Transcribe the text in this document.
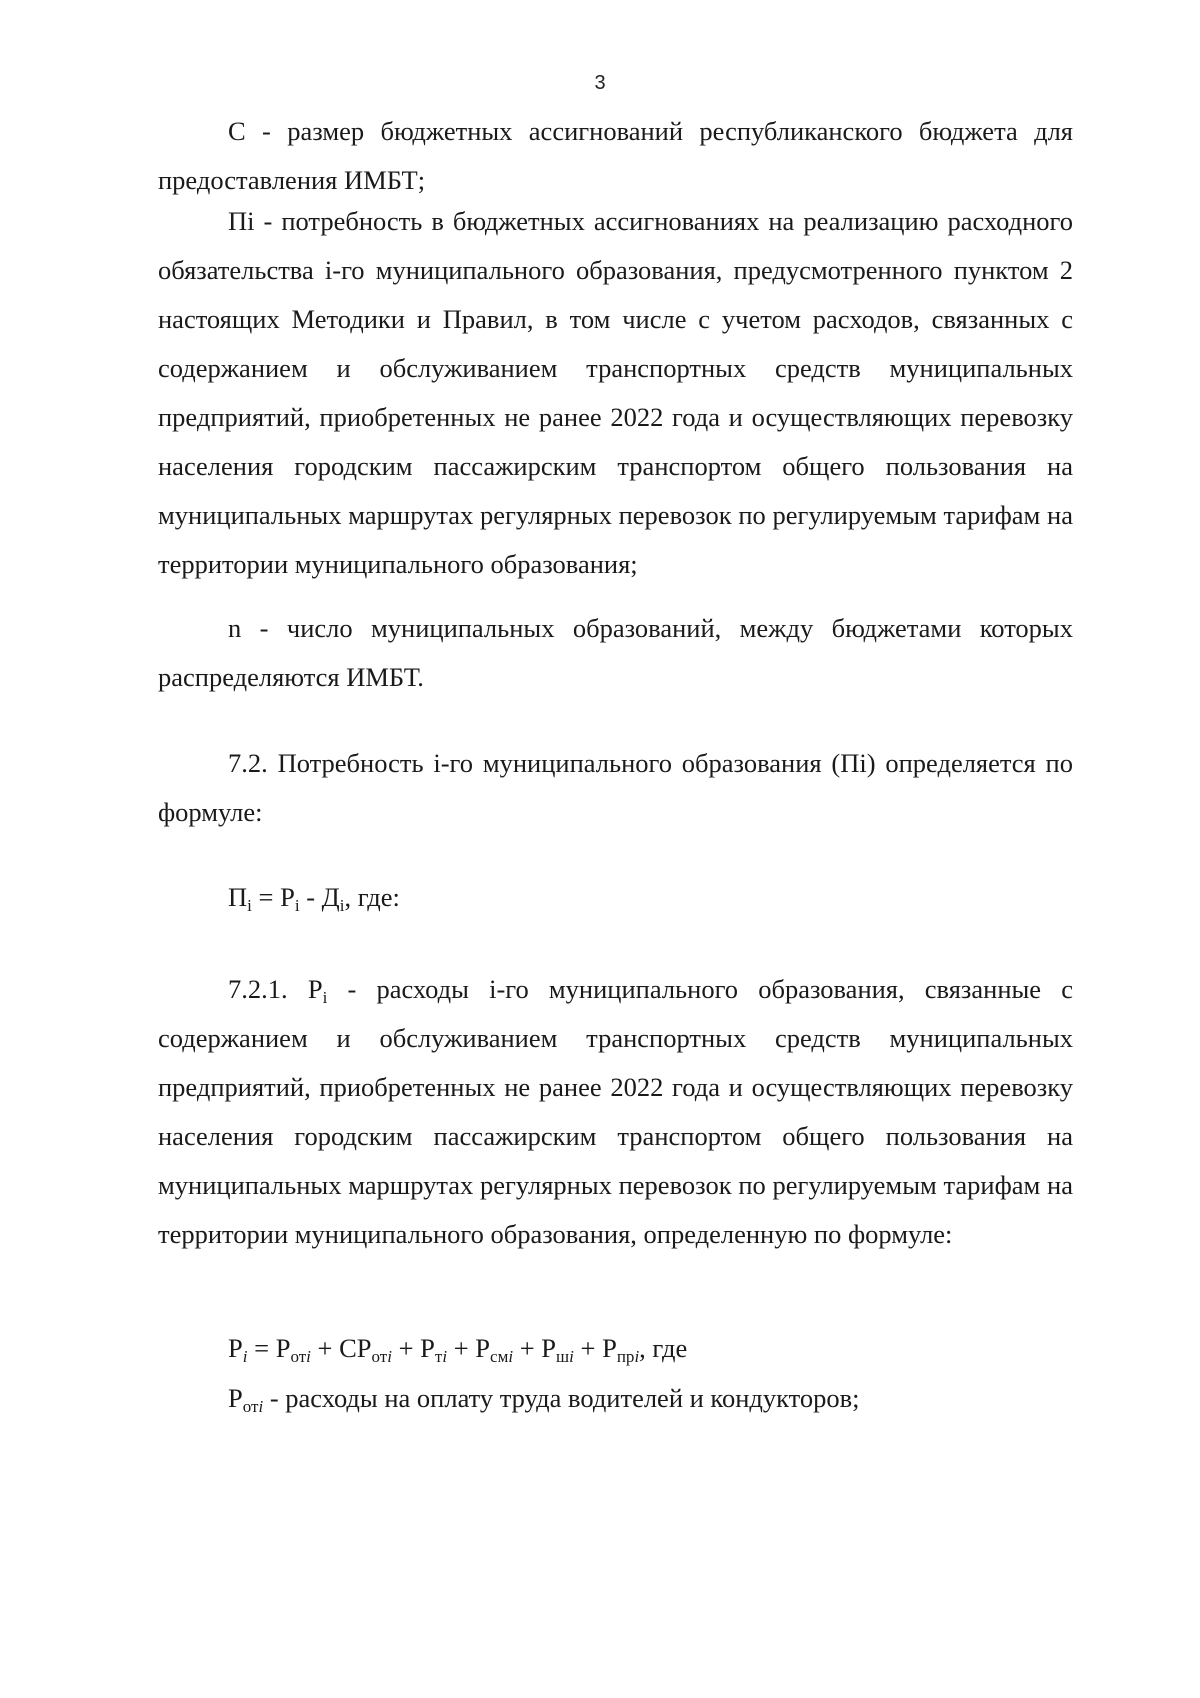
3

С - размер бюджетных ассигнований республиканского бюджета для предоставления ИМБТ;

Пi - потребность в бюджетных ассигнованиях на реализацию расходного обязательства i-го муниципального образования, предусмотренного пунктом 2 настоящих Методики и Правил, в том числе с учетом расходов, связанных с содержанием и обслуживанием транспортных средств муниципальных предприятий, приобретенных не ранее 2022 года и осуществляющих перевозку населения городским пассажирским транспортом общего пользования на муниципальных маршрутах регулярных перевозок по регулируемым тарифам на территории муниципального образования;

n - число муниципальных образований, между бюджетами которых распределяются ИМБТ.

7.2. Потребность i-го муниципального образования (Пi) определяется по формуле:

$П_i = Р_i - Д_i$, где:

7.2.1. $Р_i$ - расходы i-го муниципального образования, связанные с содержанием и обслуживанием транспортных средств муниципальных предприятий, приобретенных не ранее 2022 года и осуществляющих перевозку населения городским пассажирским транспортом общего пользования на муниципальных маршрутах регулярных перевозок по регулируемым тарифам на территории муниципального образования, определенную по формуле:

$Р_i = Р_{отi} + СР_{отi} + Р_{тi} + Р_{смi} + Р_{шi} + Р_{прi}$, где
$Р_{отi}$ - расходы на оплату труда водителей и кондукторов;
